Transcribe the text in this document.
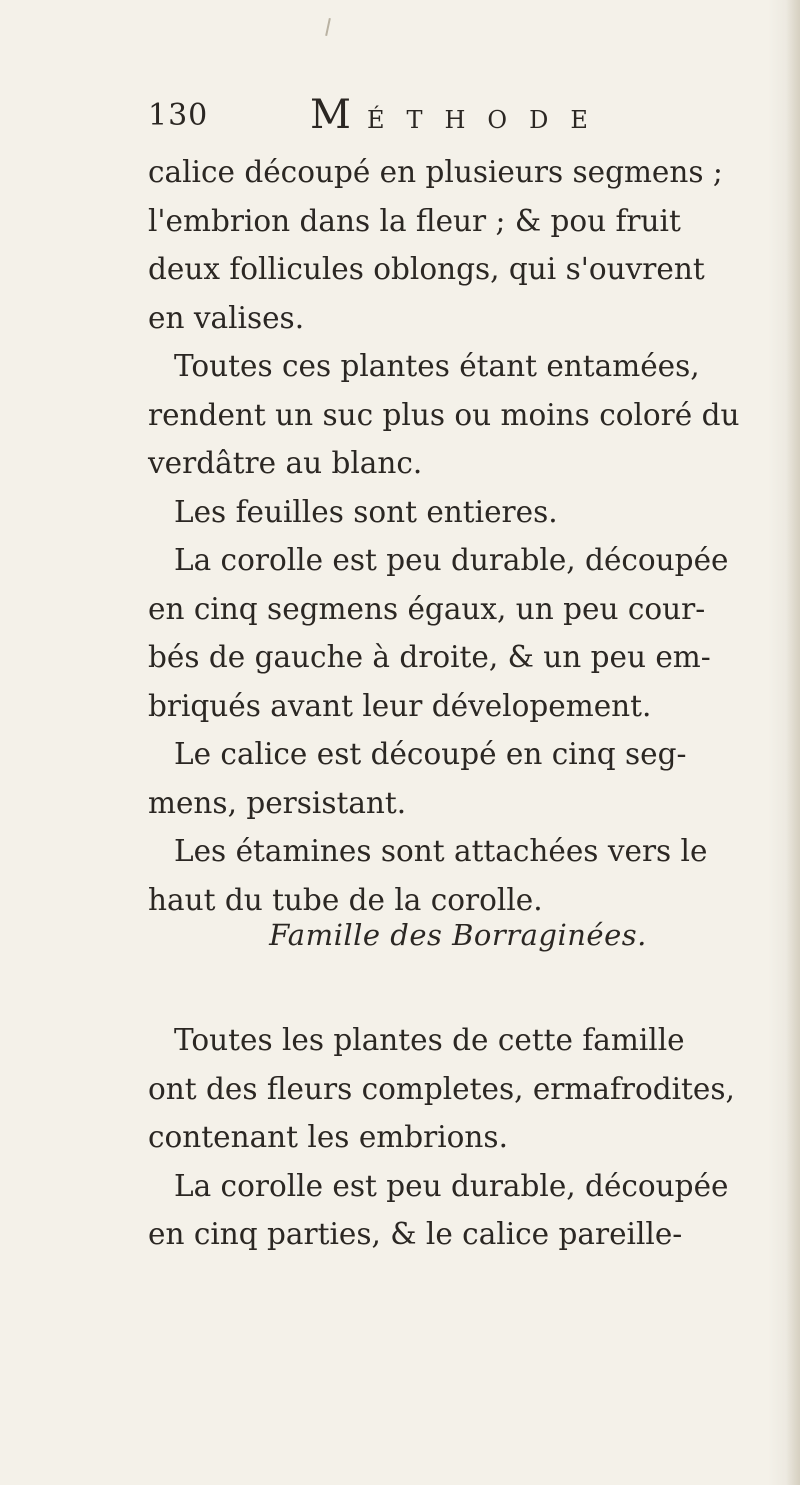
130	MÉTHODE
calice découpé en plusieurs segmens ;
l'embrion dans la fleur ; & pou fruit
deux follicules oblongs, qui s'ouvrent
en valises.
Toutes ces plantes étant entamées,
rendent un suc plus ou moins coloré du
verdâtre au blanc.
Les feuilles sont entieres.
La corolle est peu durable, découpée
en cinq segmens égaux, un peu cour-
bés de gauche à droite, & un peu em-
briqués avant leur dévelopement.
Le calice est découpé en cinq seg-
mens, persistant.
Les étamines sont attachées vers le
haut du tube de la corolle.
Famille des Borraginées.
Toutes les plantes de cette famille
ont des fleurs completes, ermafrodites,
contenant les embrions.
La corolle est peu durable, découpée
en cinq parties, & le calice pareille-
